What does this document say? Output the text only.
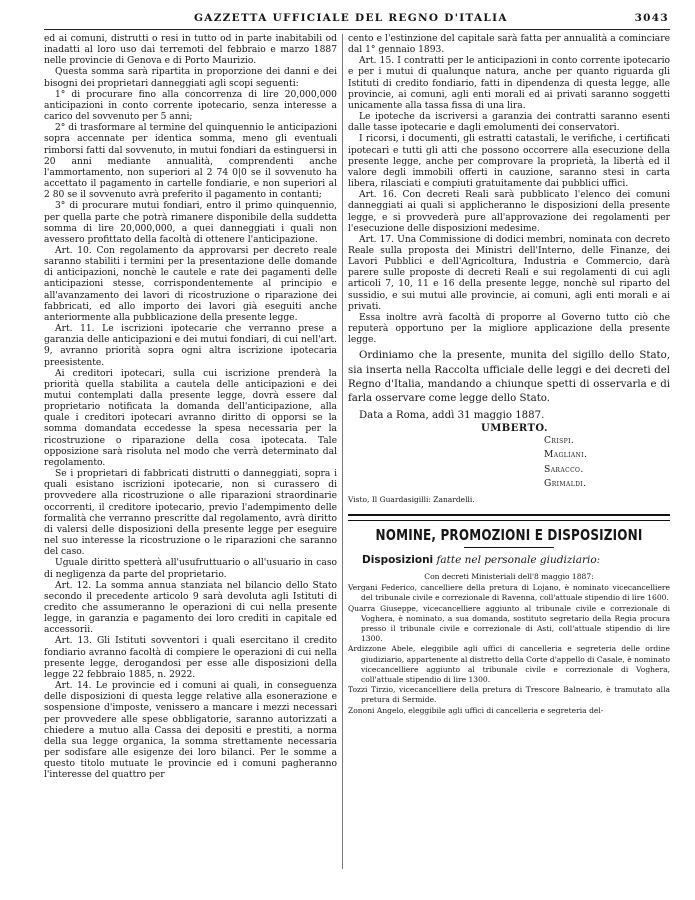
GAZZETTA UFFICIALE DEL REGNO D'ITALIA	3043

ed ai comuni, distrutti o resi in tutto od in parte inabitabili od inadatti al loro uso dai terremoti del febbraio e marzo 1887 nelle provincie di Genova e di Porto Maurizio.

Questa somma sarà ripartita in proporzione dei danni e dei bisogni dei proprietari danneggiati agli scopi seguenti:

1° di procurare fino alla concorrenza di lire 20,000,000 anticipazioni in conto corrente ipotecario, senza interesse a carico del sovvenuto per 5 anni;

2° di trasformare al termine del quinquennio le anticipazioni sopra accennate per identica somma, meno gli eventuali rimborsi fatti dal sovvenuto, in mutui fondiari da estinguersi in 20 anni mediante annualità, comprendenti anche l'ammortamento, non superiori al 2 74 0|0 se il sovvenuto ha accettato il pagamento in cartelle fondiarie, e non superiori al 2 80 se il sovvenuto avrà preferito il pagamento in contanti;

3° di procurare mutui fondiari, entro il primo quinquennio, per quella parte che potrà rimanere disponibile della suddetta somma di lire 20,000,000, a quei danneggiati i quali non avessero profittato della facoltà di ottenere l'anticipazione.

Art. 10. Con regolamento da approvarsi per decreto reale saranno stabiliti i termini per la presentazione delle domande di anticipazioni, nonchè le cautele e rate dei pagamenti delle anticipazioni stesse, corrispondentemente al principio e all'avanzamento dei lavori di ricostruzione o riparazione dei fabbricati, ed allo importo dei lavori già eseguiti anche anteriormente alla pubblicazione della presente legge.

Art. 11. Le iscrizioni ipotecarie che verranno prese a garanzia delle anticipazioni e dei mutui fondiari, di cui nell'art. 9, avranno priorità sopra ogni altra iscrizione ipotecaria preesistente.

Ai creditori ipotecari, sulla cui iscrizione prenderà la priorità quella stabilita a cautela delle anticipazioni e dei mutui contemplati dalla presente legge, dovrà essere dal proprietario notificata la domanda dell'anticipazione, alla quale i creditori ipotecari avranno diritto di opporsi se la somma domandata eccedesse la spesa necessaria per la ricostruzione o riparazione della cosa ipotecata. Tale opposizione sarà risoluta nel modo che verrà determinato dal regolamento.

Se i proprietari di fabbricati distrutti o danneggiati, sopra i quali esistano iscrizioni ipotecarie, non si curassero di provvedere alla ricostruzione o alle riparazioni straordinarie occorrenti, il creditore ipotecario, previo l'adempimento delle formalità che verranno prescritte dal regolamento, avrà diritto di valersi delle disposizioni della presente legge per eseguire nel suo interesse la ricostruzione o le riparazioni che saranno del caso.

Uguale diritto spetterà all'usufruttuario o all'usuario in caso di negligenza da parte del proprietario.

Art. 12. La somma annua stanziata nel bilancio dello Stato secondo il precedente articolo 9 sarà devoluta agli Istituti di credito che assumeranno le operazioni di cui nella presente legge, in garanzia e pagamento dei loro crediti in capitale ed accessorii.

Art. 13. Gli Istituti sovventori i quali esercitano il credito fondiario avranno facoltà di compiere le operazioni di cui nella presente legge, derogandosi per esse alle disposizioni della legge 22 febbraio 1885, n. 2922.

Art. 14. Le provincie ed i comuni ai quali, in conseguenza delle disposizioni di questa legge relative alla esonerazione e sospensione d'imposte, venissero a mancare i mezzi necessari per provvedere alle spese obbligatorie, saranno autorizzati a chiedere a mutuo alla Cassa dei depositi e prestiti, a norma della sua legge organica, la somma strettamente necessaria per sodisfare alle esigenze dei loro bilanci. Per le somme a questo titolo mutuate le provincie ed i comuni pagheranno l'interesse del quattro per

cento e l'estinzione del capitale sarà fatta per annualità a cominciare dal 1° gennaio 1893.

Art. 15. I contratti per le anticipazioni in conto corrente ipotecario e per i mutui di qualunque natura, anche per quanto riguarda gli Istituti di credito fondiario, fatti in dipendenza di questa legge, alle provincie, ai comuni, agli enti morali ed ai privati saranno soggetti unicamente alla tassa fissa di una lira.

Le ipoteche da iscriversi a garanzia dei contratti saranno esenti dalle tasse ipotecarie e dagli emolumenti dei conservatori.

I ricorsi, i documenti, gli estratti catastali, le verifiche, i certificati ipotecari e tutti gli atti che possono occorrere alla esecuzione della presente legge, anche per comprovare la proprietà, la libertà ed il valore degli immobili offerti in cauzione, saranno stesi in carta libera, rilasciati e compiuti gratuitamente dai pubblici uffici.

Art. 16. Con decreti Reali sarà pubblicato l'elenco dei comuni danneggiati ai quali si applicheranno le disposizioni della presente legge, e si provvederà pure all'approvazione dei regolamenti per l'esecuzione delle disposizioni medesime.

Art. 17. Una Commissione di dodici membri, nominata con decreto Reale sulla proposta dei Ministri dell'Interno, delle Finanze, dei Lavori Pubblici e dell'Agricoltura, Industria e Commercio, darà parere sulle proposte di decreti Reali e sui regolamenti di cui agli articoli 7, 10, 11 e 16 della presente legge, nonchè sul riparto del sussidio, e sui mutui alle provincie, ai comuni, agli enti morali e ai privati.

Essa inoltre avrà facoltà di proporre al Governo tutto ciò che reputerà opportuno per la migliore applicazione della presente legge.

Ordiniamo che la presente, munita del sigillo dello Stato, sia inserta nella Raccolta ufficiale delle leggi e dei decreti del Regno d'Italia, mandando a chiunque spetti di osservarla e di farla osservare come legge dello Stato.

Data a Roma, addì 31 maggio 1887.

UMBERTO.

Crispi.
Magliani.
Saracco.
Grimaldi.
Visto, Il Guardasigilli: Zanardelli.
NOMINE, PROMOZIONI E DISPOSIZIONI
Disposizioni fatte nel personale giudiziario:
Con decreti Ministeriali dell'8 maggio 1887:
Vergani Federico, cancelliere della pretura di Lojano, è nominato vicecancelliere del tribunale civile e correzionale di Ravenna, coll'attuale stipendio di lire 1600.
Quarra Giuseppe, vicecancelliere aggiunto al tribunale civile e correzionale di Voghera, è nominato, a sua domanda, sostituto segretario della Regia procura presso il tribunale civile e correzionale di Asti, coll'attuale stipendio di lire 1300.
Ardizzone Abele, eleggibile agli uffici di cancelleria e segreteria delle ordine giudiziario, appartenente al distretto della Corte d'appello di Casale, è nominato vicecancelliere aggiunto al tribunale civile e correzionale di Voghera, coll'attuale stipendio di lire 1300.
Tozzi Tirzio, vicecancelliere della pretura di Trescore Balneario, è tramutato alla pretura di Sermide.
Zononi Angelo, eleggibile agli uffici di cancelleria e segreteria del-
